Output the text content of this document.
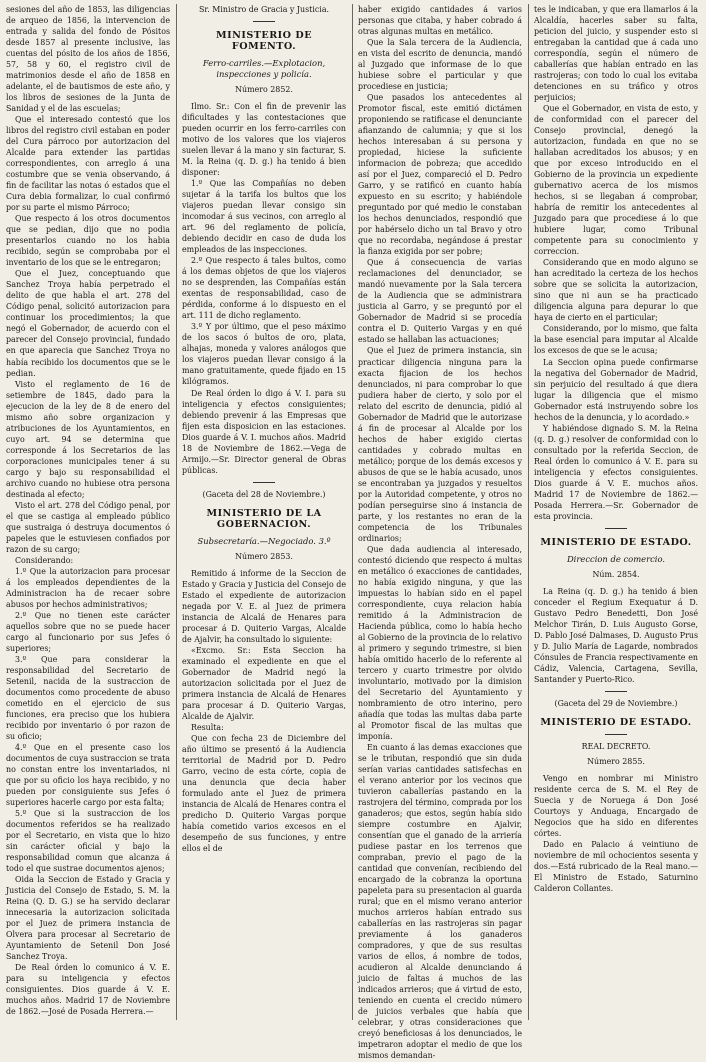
sesiones del año de 1853, las diligencias de arqueo de 1856, la intervencion de entrada y salida del fondo de Pósitos desde 1857 al presente inclusive, las cuentas del pósito de los años de 1856, 57, 58 y 60, el registro civil de matrimonios desde el año de 1858 en adelante, el de bautismos de este año, y los libros de sesiones de la Junta de Sanidad y el de las escuelas;

Que el interesado contestó que los libros del registro civil estaban en poder del Cura párroco por autorizacion del Alcalde para extender las partidas correspondientes, con arreglo á una costumbre que se venia observando, á fin de facilitar las notas ó estados que el Cura debia formalizar, lo cual confirmó por su parte el mismo Párroco;

Que respecto á los otros documentos que se pedian, dijo que no podia presentarlos cuando no los habia recibido, según se comprobaba por el inventario de los que se le entregaron;

Que el Juez, conceptuando que Sanchez Troya había perpetrado el delito de que habla el art. 278 del Código penal, solicitó autorizacion para continuar los procedimientos; la que negó el Gobernador, de acuerdo con el parecer del Consejo provincial, fundado en que aparecia que Sanchez Troya no había recibido los documentos que se le pedian.

Visto el reglamento de 16 de setiembre de 1845, dado para la ejecucion de la ley de 8 de enero del mismo año sobre organizacion y atribuciones de los Ayuntamientos, en cuyo art. 94 se determina que corresponde á los Secretarios de las corporaciones municipales tener á su cargo y bajo su responsabilidad el archivo cuando no hubiese otra persona destinada al efecto;

Visto el art. 278 del Código penal, por el que se castiga al empleado público que sustraiga ó destruya documentos ó papeles que le estuviesen confiados por razon de su cargo;

Considerando:

1.º Que la autorizacion para procesar á los empleados dependientes de la Administracion ha de recaer sobre abusos por hechos administrativos;

2.º Que no tienen este carácter aquellos sobre que no se puede hacer cargo al funcionario por sus Jefes ó superiores;

3.º Que para considerar la responsabilidad del Secretario de Setenil, nacida de la sustraccion de documentos como procedente de abuso cometido en el ejercicio de sus funciones, era preciso que los hubiera recibido por inventario ó por razon de su oficio;

4.º Que en el presente caso los documentos de cuya sustraccion se trata no constan entre los inventariados, ni que por su oficio los haya recibido, y no pueden por consiguiente sus Jefes ó superiores hacerle cargo por esta falta;

5.º Que si la sustraccion de los documentos referidos se ha realizado por el Secretario, en vista que lo hizo sin carácter oficial y bajo la responsabilidad comun que alcanza á todo el que sustrae documentos ajenos;

Oida la Seccion de Estado y Gracia y Justicia del Consejo de Estado, S. M. la Reina (Q. D. G.) se ha servido declarar innecesaria la autorizacion solicitada por el Juez de primera instancia de Olvera para procesar al Secretario de Ayuntamiento de Setenil Don José Sanchez Troya.

De Real órden lo comunico á V. E. para su inteligencia y efectos consiguientes. Dios guarde á V. E. muchos años. Madrid 17 de Noviembre de 1862.—José de Posada Herrera.—

Sr. Ministro de Gracia y Justicia.

MINISTERIO DE FOMENTO.

Ferro-carriles.—Explotacion, inspecciones y policía.

Número 2852.

Ilmo. Sr.: Con el fin de prevenir las dificultades y las contestaciones que pueden ocurrir en los ferro-carriles con motivo de los valores que los viajeros suelen llevar á la mano y sin facturar, S. M. la Reina (q. D. g.) ha tenido á bien disponer:

1.º Que las Compañías no deben sujetar á la tarifa los bultos que los viajeros puedan llevar consigo sin incomodar á sus vecinos, con arreglo al art. 96 del reglamento de policía, debiendo decidir en caso de duda los empleados de las inspecciones.

2.º Que respecto á tales bultos, como á los demas objetos de que los viajeros no se desprenden, las Compañías están exentas de responsabilidad, caso de pérdida, conforme á lo dispuesto en el art. 111 de dicho reglamento.

3.º Y por último, que el peso máximo de los sacos ó bultos de oro, plata, alhajas, moneda y valores análogos que los viajeros puedan llevar consigo á la mano gratuitamente, quede fijado en 15 kilógramos.

De Real órden lo digo á V. I. para su inteligencia y efectos consiguientes; debiendo prevenir á las Empresas que fijen esta disposicion en las estaciones. Dios guarde á V. I. muchos años. Madrid 18 de Noviembre de 1862.—Vega de Armijo.—Sr. Director general de Obras públicas.

(Gaceta del 28 de Noviembre.)

MINISTERIO DE LA GOBERNACION.

Subsecretaría.—Negociado. 3.º

Número 2853.

Remitido á informe de la Seccion de Estado y Gracia y Justicia del Consejo de Estado el expediente de autorizacion negada por V. E. al Juez de primera instancia de Alcalá de Henares para procesar á D. Quiterio Vargas, Alcalde de Ajalvir, ha consultado lo siguiente:

«Excmo. Sr.: Esta Seccion ha examinado el expediente en que el Gobernador de Madrid negó la autorizacion solicitada por el Juez de primera instancia de Alcalá de Henares para procesar á D. Quiterio Vargas, Alcalde de Ajalvir.

Resulta:

Que con fecha 23 de Diciembre del año último se presentó á la Audiencia territorial de Madrid por D. Pedro Garro, vecino de esta córte, copia de una denuncia que decia haber formulado ante el Juez de primera instancia de Alcalá de Henares contra el predicho D. Quiterio Vargas porque había cometido varios excesos en el desempeño de sus funciones, y entre ellos el de

haber exigido cantidades á varios personas que citaba, y haber cobrado á otras algunas multas en metálico.

Que la Sala tercera de la Audiencia, en vista del escrito de denuncia, mandó al Juzgado que informase de lo que hubiese sobre el particular y que procediese en justicia;

Que pasados los antecedentes al Promotor fiscal, este emitió dictámen proponiendo se ratificase el denunciante afianzando de calumnia; y que si los hechos interesaban á su persona y propiedad, hiciese la suficiente informacion de pobreza; que accedido así por el Juez, compareció el D. Pedro Garro, y se ratificó en cuanto había expuesto en su escrito; y habiéndole preguntado por qué medio le constaban los hechos denunciados, respondió que por habérselo dicho un tal Bravo y otro que no recordaba, negándose á prestar la fianza exigida por ser pobre;

Que á consecuencia de varias reclamaciones del denunciador, se mandó nuevamente por la Sala tercera de la Audiencia que se administrara justicia al Garro, y se preguntó por el Gobernador de Madrid si se procedía contra el D. Quiterio Vargas y en qué estado se hallaban las actuaciones;

Que el Juez de primera instancia, sin practicar diligencia ninguna para la exacta fijacion de los hechos denunciados, ni para comprobar lo que pudiera haber de cierto, y solo por el relato del escrito de denuncia, pidió al Gobernador de Madrid que le autorizase á fin de procesar al Alcalde por los hechos de haber exigido ciertas cantidades y cobrado multas en metálico; porque de los demás excesos y abusos de que se le había acusado, unos se encontraban ya juzgados y resueltos por la Autoridad competente, y otros no podían perseguirse sino á instancia de parte, y los restantes no eran de la competencia de los Tribunales ordinarios;

Que dada audiencia al interesado, contestó diciendo que respecto á multas en metálico ó exacciones de cantidades, no había exigido ninguna, y que las impuestas lo habían sido en el papel correspondiente, cuya relacion había remitido á la Administracion de Hacienda pública, como lo había hecho al Gobierno de la provincia de lo relativo al primero y segundo trimestre, si bien había omitido hacerlo de lo referente al tercero y cuarto trimestre por olvido involuntario, motivado por la dimision del Secretario del Ayuntamiento y nombramiento de otro interino, pero añadía que todas las multas daba parte al Promotor fiscal de las multas que imponía.

En cuanto á las demas exacciones que se le tributan, respondió que sin duda serían varias cantidades satisfechas en el verano anterior por los vecinos que tuvieron caballerías pastando en la rastrojera del término, comprada por los ganaderos; que estos, según había sido siempre costumbre en Ajalvir, consentían que el ganado de la arriería pudiese pastar en los terrenos que compraban, previo el pago de la cantidad que convenían, recibiendo del encargado de la cobranza la oportuna papeleta para su presentacion al guarda rural; que en el mismo verano anterior muchos arrieros habían entrado sus caballerías en las rastrojeras sin pagar previamente á los ganaderos compradores, y que de sus resultas varios de ellos, á nombre de todos, acudieron al Alcalde denunciando á juicio de faltas á muchos de las indicados arrieros; que á virtud de esto, teniendo en cuenta el crecido número de juicios verbales que había que celebrar, y otras consideraciones que creyó beneficiosas á los denunciados, le impetraron adoptar el medio de que los mismos demandan-

tes le indicaban, y que era llamarlos á la Alcaldía, hacerles saber su falta, peticion del juicio, y suspender esto si entregaban la cantidad que á cada uno correspondía, según el número de caballerías que habían entrado en las rastrojeras; con todo lo cual los evitaba detenciones en su tráfico y otros perjuicios;

Que el Gobernador, en vista de esto, y de conformidad con el parecer del Consejo provincial, denegó la autorizacion, fundada en que no se hallaban acreditados los abusos; y en que por exceso introducido en el Gobierno de la provincia un expediente gubernativo acerca de los mismos hechos, si se llegaban á comprobar, habría de remitir los antecedentes al Juzgado para que procediese á lo que hubiere lugar, como Tribunal competente para su conocimiento y correccion.

Considerando que en modo alguno se han acreditado la certeza de los hechos sobre que se solicita la autorizacion, sino que ni aun se ha practicado diligencia alguna para depurar lo que haya de cierto en el particular;

Considerando, por lo mismo, que falta la base esencial para imputar al Alcalde los excesos de que se le acusa;

La Seccion opina puede confirmarse la negativa del Gobernador de Madrid, sin perjuicio del resultado á que diera lugar la diligencia que el mismo Gobernador está instruyendo sobre los hechos de la denuncia, y lo acordado.»

Y habiéndose dignado S. M. la Reina (q. D. g.) resolver de conformidad con lo consultado por la referida Seccion, de Real órden lo comunico á V. E. para su inteligencia y efectos consiguientes. Dios guarde á V. E. muchos años. Madrid 17 de Noviembre de 1862.—Posada Herrera.—Sr. Gobernador de esta provincia.

MINISTERIO DE ESTADO.

Direccion de comercio.

Núm. 2854.

La Reina (q. D. g.) ha tenido á bien conceder el Regium Exequatur á D. Gustavo Pedro Benedetti, Don José Melchor Tirán, D. Luis Augusto Gorse, D. Pablo José Dalmases, D. Augusto Prus y D. Julio María de Lagarde, nombrados Cónsules de Francia respectivamente en Cádiz, Valencia, Cartagena, Sevilla, Santander y Puerto-Rico.

(Gaceta del 29 de Noviembre.)

MINISTERIO DE ESTADO.

REAL DECRETO.

Número 2855.

Vengo en nombrar mi Ministro residente cerca de S. M. el Rey de Suecia y de Noruega á Don José Courtoys y Anduaga, Encargado de Negocios que ha sido en diferentes córtes.

Dado en Palacio á veintiuno de noviembre de mil ochocientos sesenta y dos.—Está rubricado de la Real mano.—El Ministro de Estado, Saturnino Calderon Collantes.
